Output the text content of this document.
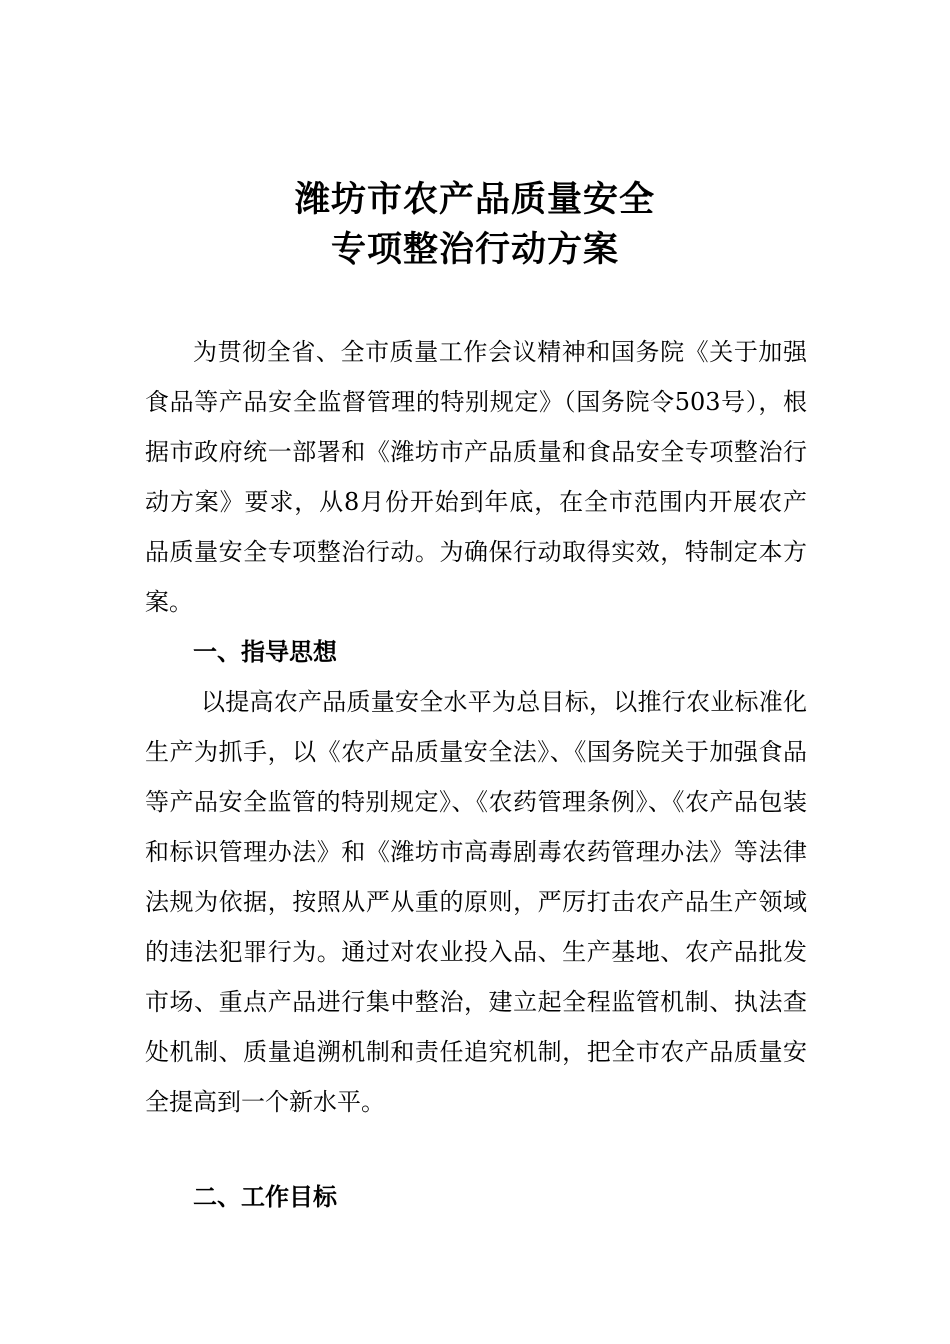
潍坊市农产品质量安全
专项整治行动方案
为贯彻全省、全市质量工作会议精神和国务院《关于加强食品等产品安全监督管理的特别规定》（国务院令503号），根据市政府统一部署和《潍坊市产品质量和食品安全专项整治行动方案》要求，从8月份开始到年底，在全市范围内开展农产品质量安全专项整治行动。为确保行动取得实效，特制定本方案。
一、指导思想
以提高农产品质量安全水平为总目标，以推行农业标准化生产为抓手，以《农产品质量安全法》、《国务院关于加强食品等产品安全监管的特别规定》、《农药管理条例》、《农产品包装和标识管理办法》和《潍坊市高毒剧毒农药管理办法》等法律法规为依据，按照从严从重的原则，严厉打击农产品生产领域的违法犯罪行为。通过对农业投入品、生产基地、农产品批发市场、重点产品进行集中整治，建立起全程监管机制、执法查处机制、质量追溯机制和责任追究机制，把全市农产品质量安全提高到一个新水平。
二、工作目标
